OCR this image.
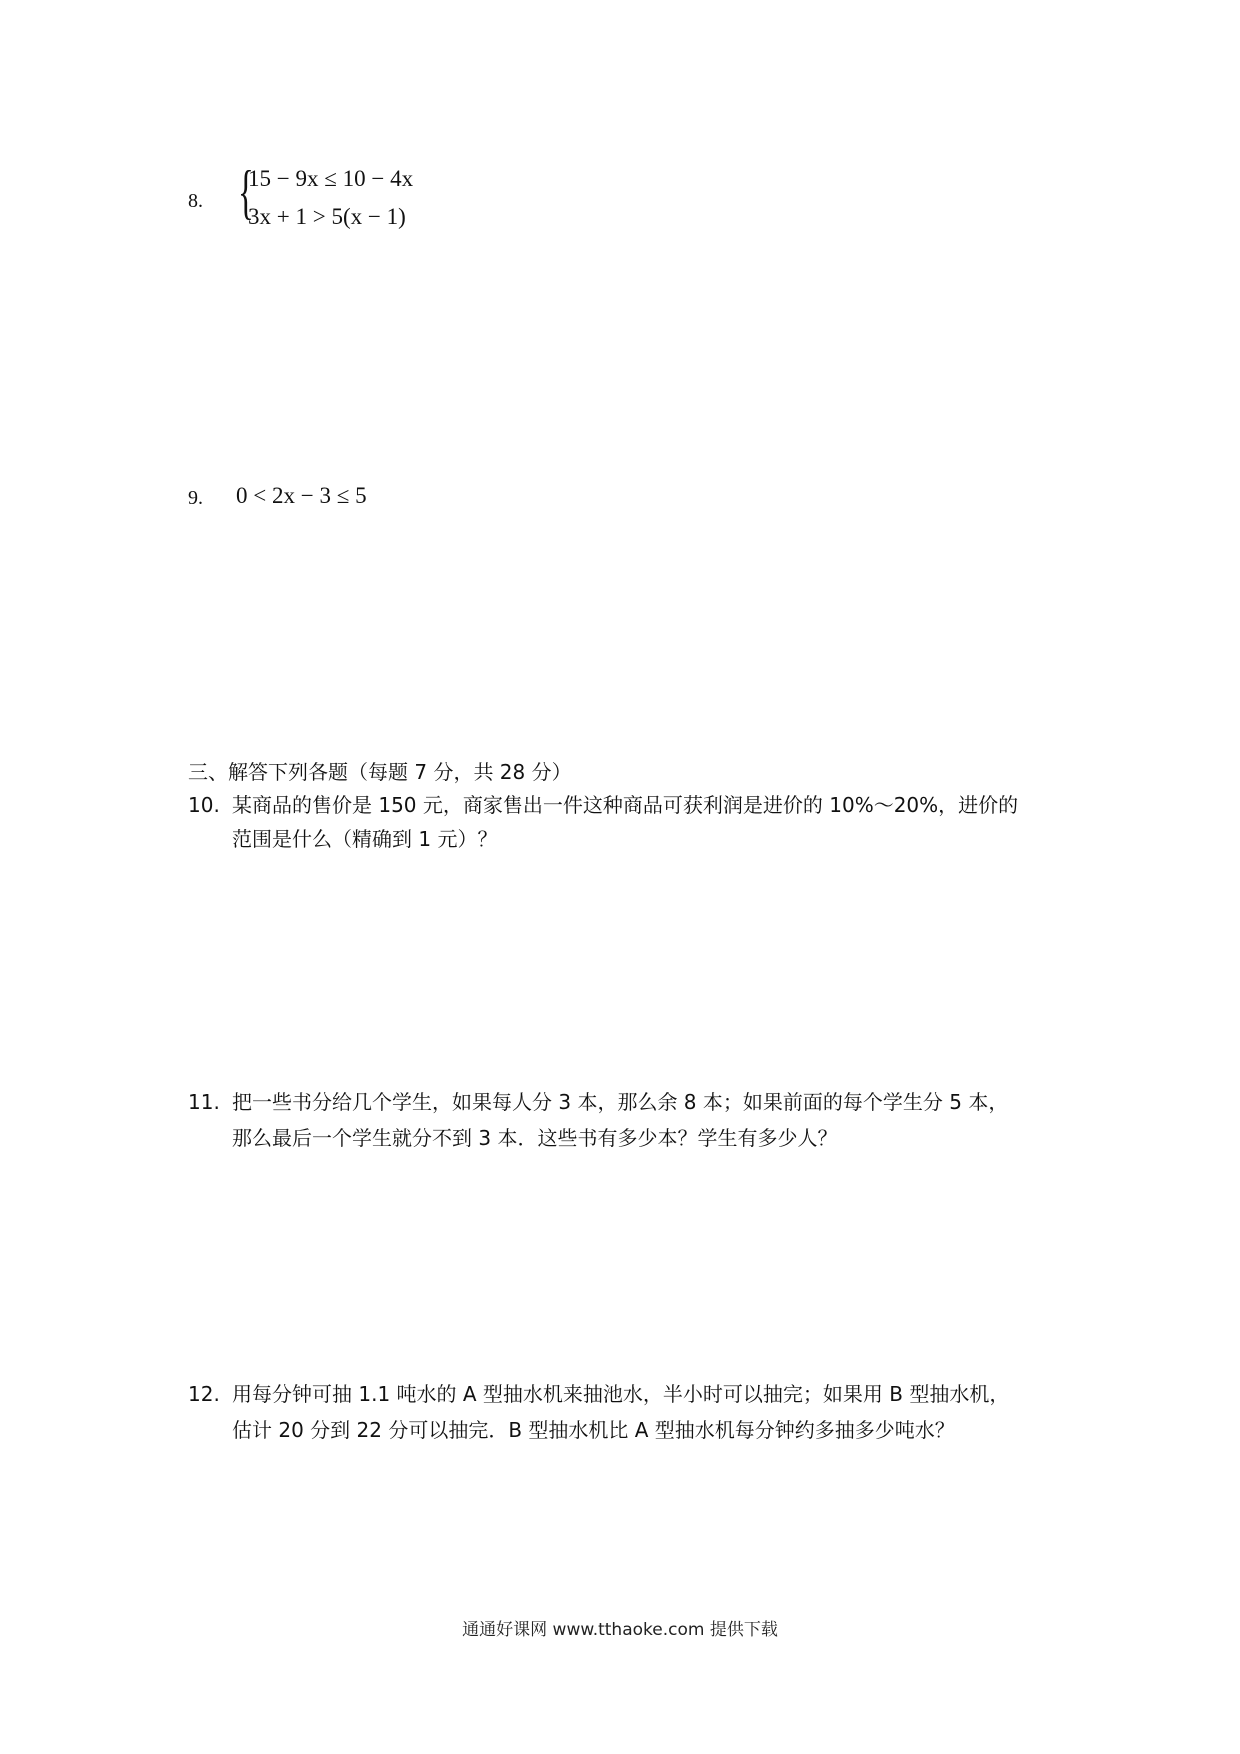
8. {
15 − 9x ≤ 10 − 4x
3x + 1 > 5(x − 1)
9. 0 < 2x − 3 ≤ 5
三、解答下列各题（每题 7 分，共 28 分）
10. 某商品的售价是 150 元，商家售出一件这种商品可获利润是进价的 10%～20%，进价的
范围是什么（精确到 1 元）？
11. 把一些书分给几个学生，如果每人分 3 本，那么余 8 本；如果前面的每个学生分 5 本，
那么最后一个学生就分不到 3 本．这些书有多少本？学生有多少人？
12. 用每分钟可抽 1.1 吨水的 A 型抽水机来抽池水，半小时可以抽完；如果用 B 型抽水机，
估计 20 分到 22 分可以抽完．B 型抽水机比 A 型抽水机每分钟约多抽多少吨水？
通通好课网 www.tthaoke.com 提供下载
